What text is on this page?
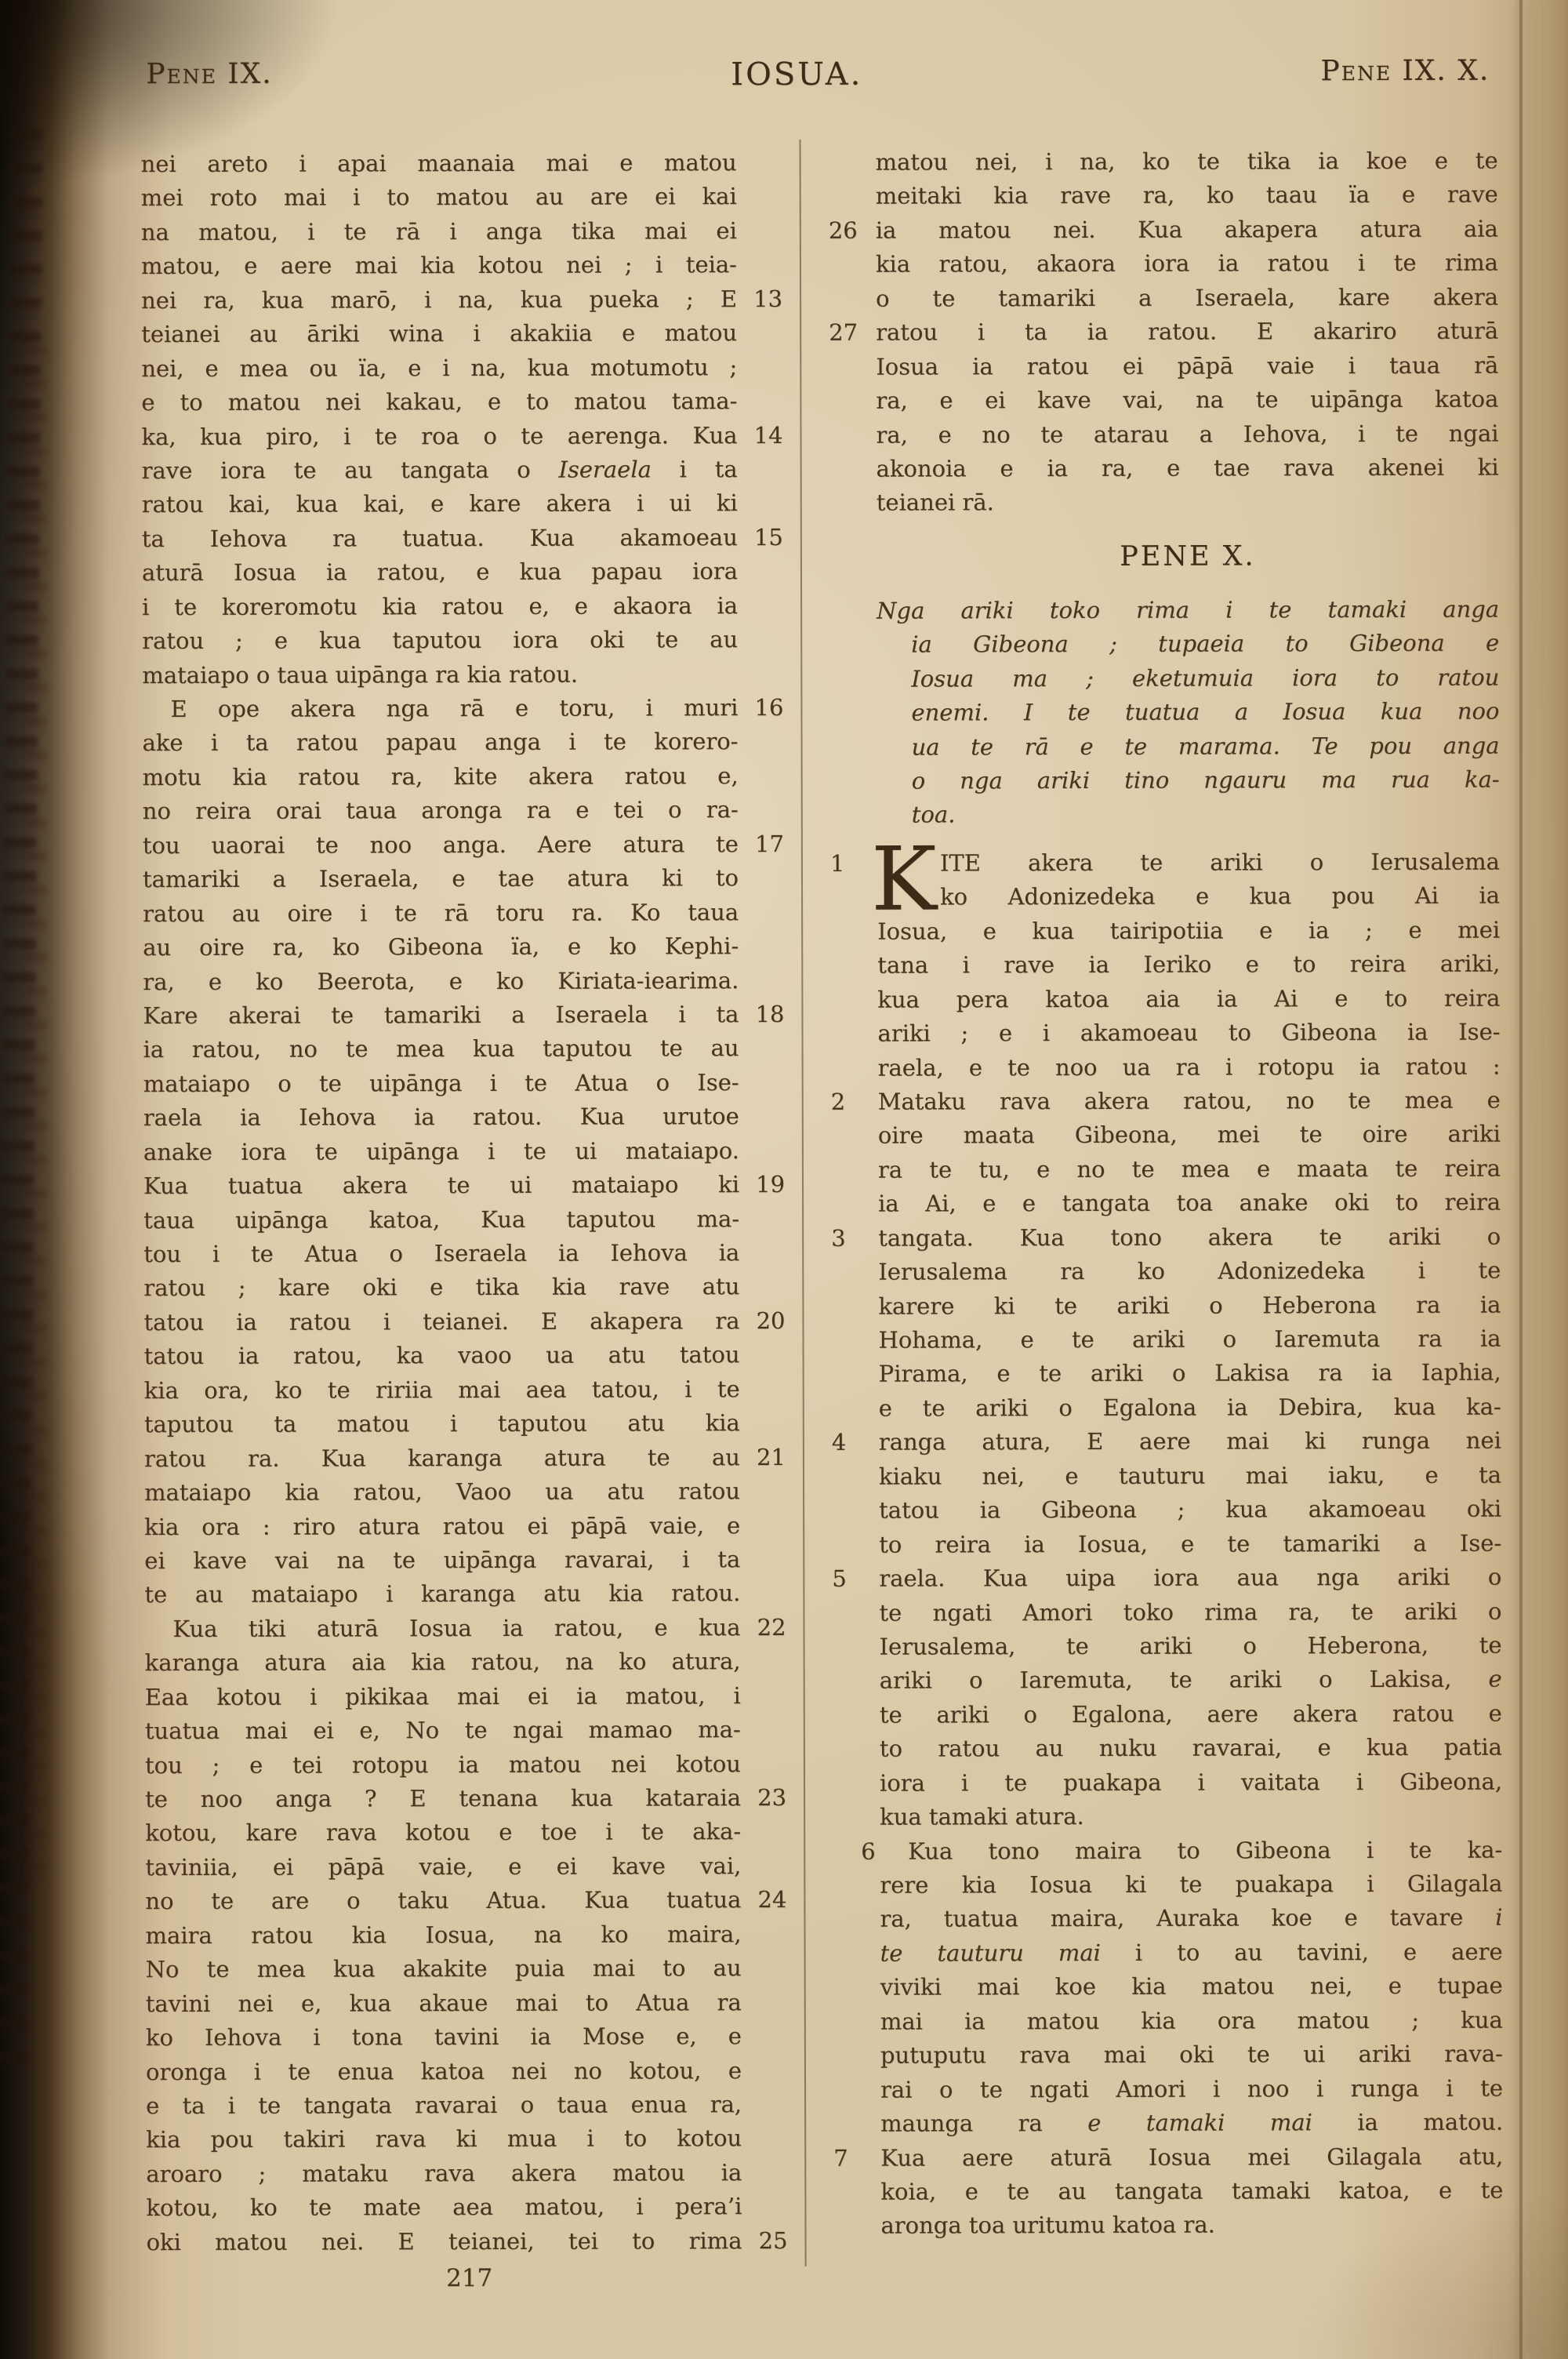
Pene IX.	IOSUA.	Pene IX. X.
nei areto i apai maanaia mai e matou
mei roto mai i to matou au are ei kai
na matou, i te rā i anga tika mai ei
matou, e aere mai kia kotou nei ; i teia-
nei ra, kua marō, i na, kua pueka ; E 13
teianei au āriki wina i akakiia e matou
nei, e mea ou ïa, e i na, kua motumotu ;
e to matou nei kakau, e to matou tama-
ka, kua piro, i te roa o te aerenga. Kua 14
rave iora te au tangata o Iseraela i ta
ratou kai, kua kai, e kare akera i ui ki
ta Iehova ra tuatua. Kua akamoeau 15
aturā Iosua ia ratou, e kua papau iora
i te koreromotu kia ratou e, e akaora ia
ratou ; e kua taputou iora oki te au
mataiapo o taua uipānga ra kia ratou.
E ope akera nga rā e toru, i muri 16
ake i ta ratou papau anga i te korero-
motu kia ratou ra, kite akera ratou e,
no reira orai taua aronga ra e tei o ra-
tou uaorai te noo anga. Aere atura te 17
tamariki a Iseraela, e tae atura ki to
ratou au oire i te rā toru ra. Ko taua
au oire ra, ko Gibeona ïa, e ko Kephi-
ra, e ko Beerota, e ko Kiriata-iearima.
Kare akerai te tamariki a Iseraela i ta 18
ia ratou, no te mea kua taputou te au
mataiapo o te uipānga i te Atua o Ise-
raela ia Iehova ia ratou. Kua urutoe
anake iora te uipānga i te ui mataiapo.
Kua tuatua akera te ui mataiapo ki 19
taua uipānga katoa, Kua taputou ma-
tou i te Atua o Iseraela ia Iehova ia
ratou ; kare oki e tika kia rave atu
tatou ia ratou i teianei. E akapera ra 20
tatou ia ratou, ka vaoo ua atu tatou
kia ora, ko te ririia mai aea tatou, i te
taputou ta matou i taputou atu kia
ratou ra. Kua karanga atura te au 21
mataiapo kia ratou, Vaoo ua atu ratou
kia ora : riro atura ratou ei pāpā vaie, e
ei kave vai na te uipānga ravarai, i ta
te au mataiapo i karanga atu kia ratou.
Kua tiki aturā Iosua ia ratou, e kua 22
karanga atura aia kia ratou, na ko atura,
Eaa kotou i pikikaa mai ei ia matou, i
tuatua mai ei e, No te ngai mamao ma-
tou ; e tei rotopu ia matou nei kotou
te noo anga ? E tenana kua kataraia 23
kotou, kare rava kotou e toe i te aka-
taviniia, ei pāpā vaie, e ei kave vai,
no te are o taku Atua. Kua tuatua 24
maira ratou kia Iosua, na ko maira,
No te mea kua akakite puia mai to au
tavini nei e, kua akaue mai to Atua ra
ko Iehova i tona tavini ia Mose e, e
oronga i te enua katoa nei no kotou, e
e ta i te tangata ravarai o taua enua ra,
kia pou takiri rava ki mua i to kotou
aroaro ; mataku rava akera matou ia
kotou, ko te mate aea matou, i pera’i
oki matou nei. E teianei, tei to rima 25
matou nei, i na, ko te tika ia koe e te
meitaki kia rave ra, ko taau ïa e rave
ia matou nei. Kua akapera atura aia
26
kia ratou, akaora iora ia ratou i te rima
o te tamariki a Iseraela, kare akera
ratou i ta ia ratou. E akariro aturā
27
Iosua ia ratou ei pāpā vaie i taua rā
ra, e ei kave vai, na te uipānga katoa
ra, e no te atarau a Iehova, i te ngai
akonoia e ia ra, e tae rava akenei ki
teianei rā.
PENE X.
Nga ariki toko rima i te tamaki anga
ia Gibeona ; tupaeia to Gibeona e
Iosua ma ; eketumuia iora to ratou
enemi. I te tuatua a Iosua kua noo
ua te rā e te marama. Te pou anga
o nga ariki tino ngauru ma rua ka-
toa.
K ITE akera te ariki o Ierusalema
1
ko Adonizedeka e kua pou Ai ia
Iosua, e kua tairipotiia e ia ; e mei
tana i rave ia Ieriko e to reira ariki,
kua pera katoa aia ia Ai e to reira
ariki ; e i akamoeau to Gibeona ia Ise-
raela, e te noo ua ra i rotopu ia ratou :
Mataku rava akera ratou, no te mea e
2
oire maata Gibeona, mei te oire ariki
ra te tu, e no te mea e maata te reira
ia Ai, e e tangata toa anake oki to reira
tangata. Kua tono akera te ariki o
3
Ierusalema ra ko Adonizedeka i te
karere ki te ariki o Heberona ra ia
Hohama, e te ariki o Iaremuta ra ia
Pirama, e te ariki o Lakisa ra ia Iaphia,
e te ariki o Egalona ia Debira, kua ka-
ranga atura, E aere mai ki runga nei
4
kiaku nei, e tauturu mai iaku, e ta
tatou ia Gibeona ; kua akamoeau oki
to reira ia Iosua, e te tamariki a Ise-
raela. Kua uipa iora aua nga ariki o
5
te ngati Amori toko rima ra, te ariki o
Ierusalema, te ariki o Heberona, te
ariki o Iaremuta, te ariki o Lakisa, e
te ariki o Egalona, aere akera ratou e
to ratou au nuku ravarai, e kua patia
iora i te puakapa i vaitata i Gibeona,
kua tamaki atura.
Kua tono maira to Gibeona i te ka-
6
rere kia Iosua ki te puakapa i Gilagala
ra, tuatua maira, Auraka koe e tavare i
te tauturu mai i to au tavini, e aere
viviki mai koe kia matou nei, e tupae
mai ia matou kia ora matou ; kua
putuputu rava mai oki te ui ariki rava-
rai o te ngati Amori i noo i runga i te
maunga ra e tamaki mai ia matou.
Kua aere aturā Iosua mei Gilagala atu,
7
koia, e te au tangata tamaki katoa, e te
aronga toa uritumu katoa ra.
217
